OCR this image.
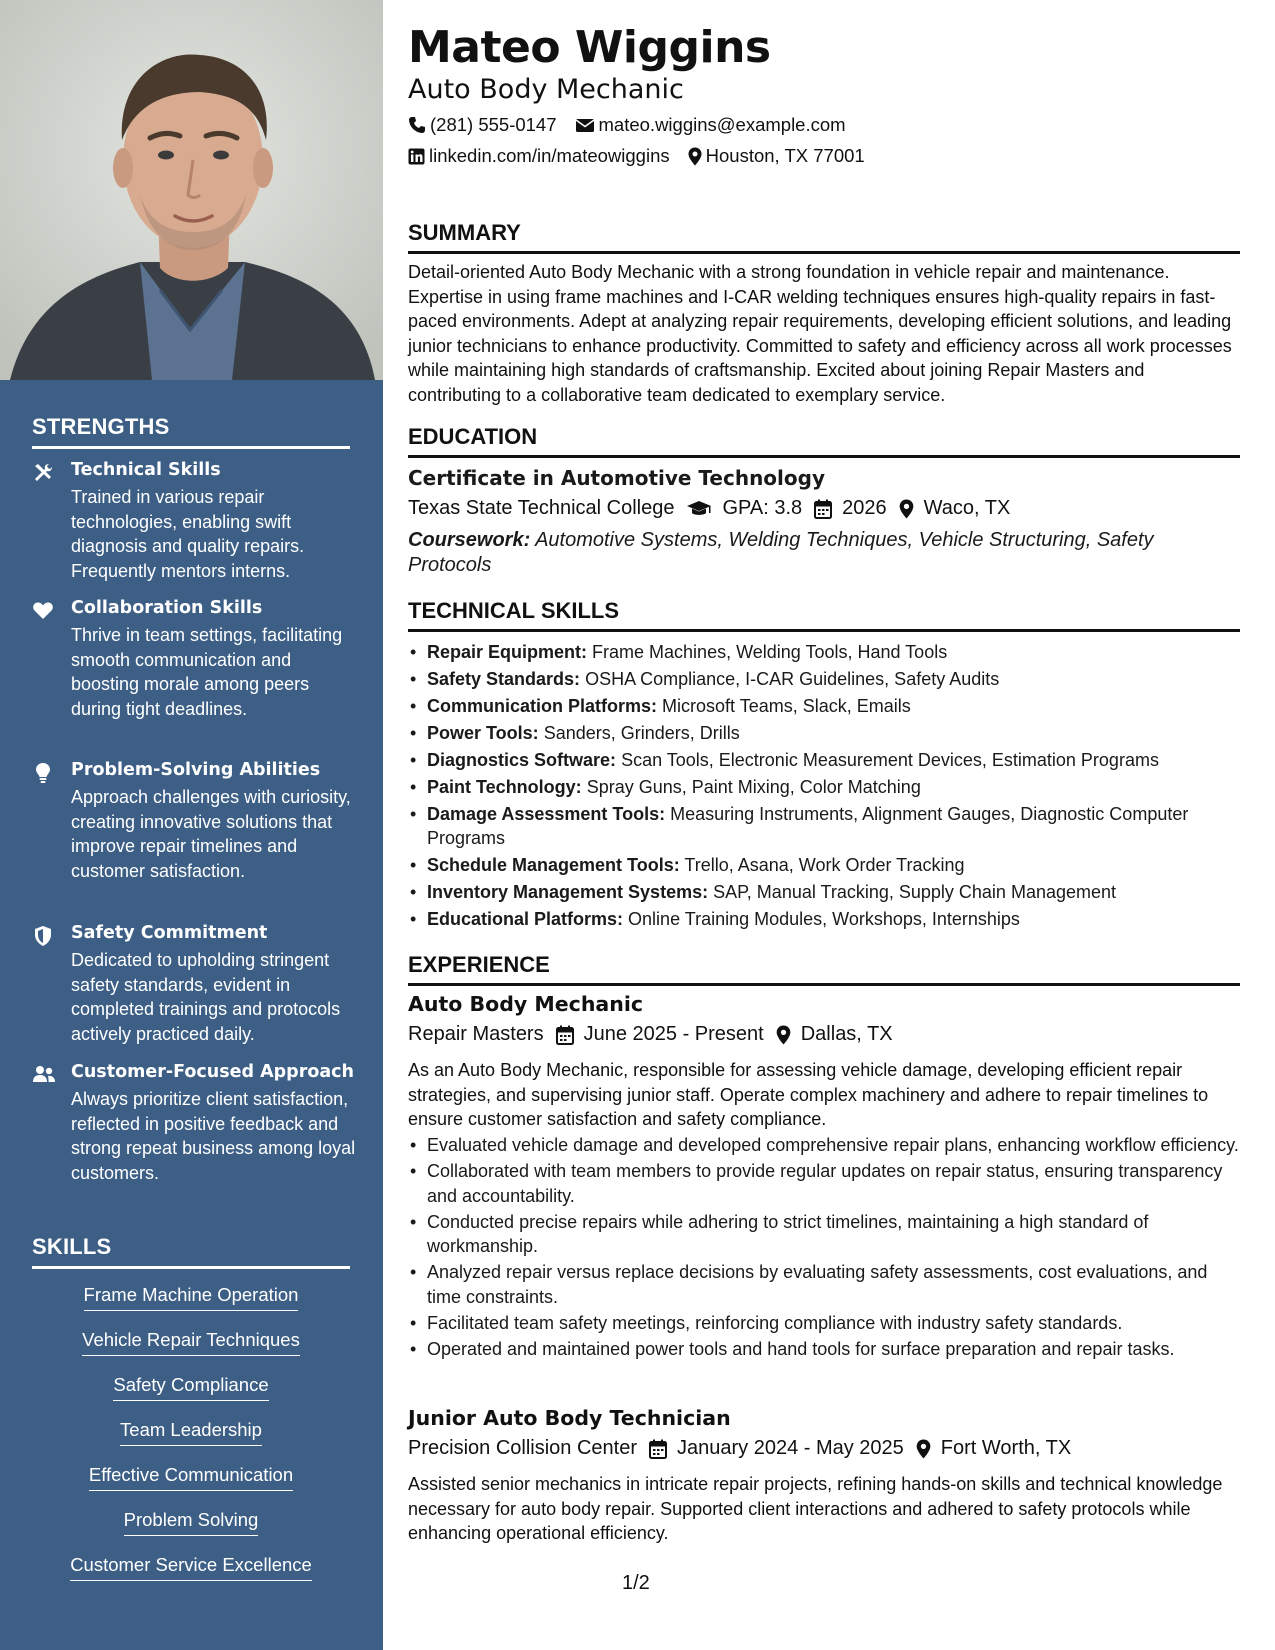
STRENGTHS
Technical Skills
Trained in various repair technologies, enabling swift diagnosis and quality repairs. Frequently mentors interns.
Collaboration Skills
Thrive in team settings, facilitating smooth communication and boosting morale among peers during tight deadlines.
Problem-Solving Abilities
Approach challenges with curiosity, creating innovative solutions that improve repair timelines and customer satisfaction.
Safety Commitment
Dedicated to upholding stringent safety standards, evident in completed trainings and protocols actively practiced daily.
Customer-Focused Approach
Always prioritize client satisfaction, reflected in positive feedback and strong repeat business among loyal customers.
SKILLS
Frame Machine Operation
Vehicle Repair Techniques
Safety Compliance
Team Leadership
Effective Communication
Problem Solving
Customer Service Excellence
Mateo Wiggins
Auto Body Mechanic
(281) 555-0147 mateo.wiggins@example.com
linkedin.com/in/mateowiggins Houston, TX 77001
SUMMARY
Detail-oriented Auto Body Mechanic with a strong foundation in vehicle repair and maintenance. Expertise in using frame machines and I-CAR welding techniques ensures high-quality repairs in fast-paced environments. Adept at analyzing repair requirements, developing efficient solutions, and leading junior technicians to enhance productivity. Committed to safety and efficiency across all work processes while maintaining high standards of craftsmanship. Excited about joining Repair Masters and contributing to a collaborative team dedicated to exemplary service.
EDUCATION
Certificate in Automotive Technology
Texas State Technical College GPA: 3.8 2026 Waco, TX
Coursework: Automotive Systems, Welding Techniques, Vehicle Structuring, Safety Protocols
TECHNICAL SKILLS
• Repair Equipment: Frame Machines, Welding Tools, Hand Tools
• Safety Standards: OSHA Compliance, I-CAR Guidelines, Safety Audits
• Communication Platforms: Microsoft Teams, Slack, Emails
• Power Tools: Sanders, Grinders, Drills
• Diagnostics Software: Scan Tools, Electronic Measurement Devices, Estimation Programs
• Paint Technology: Spray Guns, Paint Mixing, Color Matching
• Damage Assessment Tools: Measuring Instruments, Alignment Gauges, Diagnostic Computer Programs
• Schedule Management Tools: Trello, Asana, Work Order Tracking
• Inventory Management Systems: SAP, Manual Tracking, Supply Chain Management
• Educational Platforms: Online Training Modules, Workshops, Internships
EXPERIENCE
Auto Body Mechanic
Repair Masters June 2025 - Present Dallas, TX
As an Auto Body Mechanic, responsible for assessing vehicle damage, developing efficient repair strategies, and supervising junior staff. Operate complex machinery and adhere to repair timelines to ensure customer satisfaction and safety compliance.
• Evaluated vehicle damage and developed comprehensive repair plans, enhancing workflow efficiency.
• Collaborated with team members to provide regular updates on repair status, ensuring transparency and accountability.
• Conducted precise repairs while adhering to strict timelines, maintaining a high standard of workmanship.
• Analyzed repair versus replace decisions by evaluating safety assessments, cost evaluations, and time constraints.
• Facilitated team safety meetings, reinforcing compliance with industry safety standards.
• Operated and maintained power tools and hand tools for surface preparation and repair tasks.
Junior Auto Body Technician
Precision Collision Center January 2024 - May 2025 Fort Worth, TX
Assisted senior mechanics in intricate repair projects, refining hands-on skills and technical knowledge necessary for auto body repair. Supported client interactions and adhered to safety protocols while enhancing operational efficiency.
1/2
